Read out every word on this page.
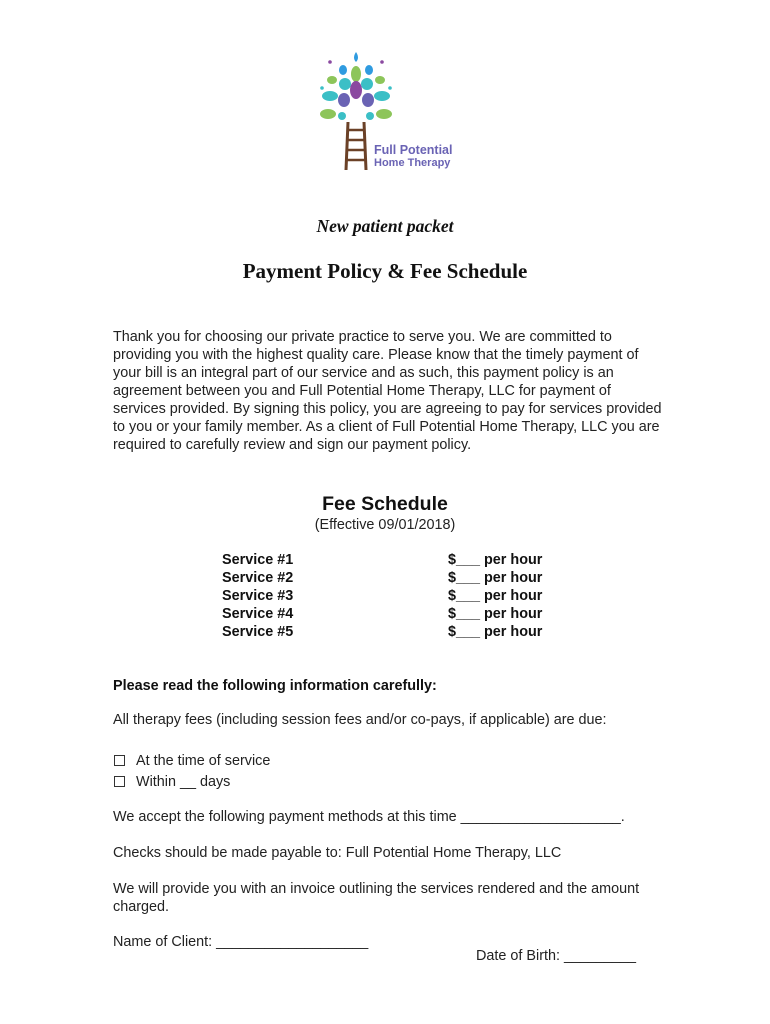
Full Potential
Home Therapy
New patient packet
Payment Policy & Fee Schedule

Thank you for choosing our private practice to serve you. We are committed to providing you with the highest quality care. Please know that the timely payment of your bill is an integral part of our service and as such, this payment policy is an agreement between you and Full Potential Home Therapy, LLC for payment of services provided. By signing this policy, you are agreeing to pay for services provided to you or your family member. As a client of Full Potential Home Therapy, LLC you are required to carefully review and sign our payment policy.

Fee Schedule
(Effective 09/01/2018)
Service #1	$___ per hour
Service #2	$___ per hour
Service #3	$___ per hour
Service #4	$___ per hour
Service #5	$___ per hour

Please read the following information carefully:

All therapy fees (including session fees and/or co-pays, if applicable) are due:

At the time of service
Within __ days

We accept the following payment methods at this time ____________________.

Checks should be made payable to: Full Potential Home Therapy, LLC

We will provide you with an invoice outlining the services rendered and the amount charged.

Name of Client: ___________________

Date of Birth: _________
